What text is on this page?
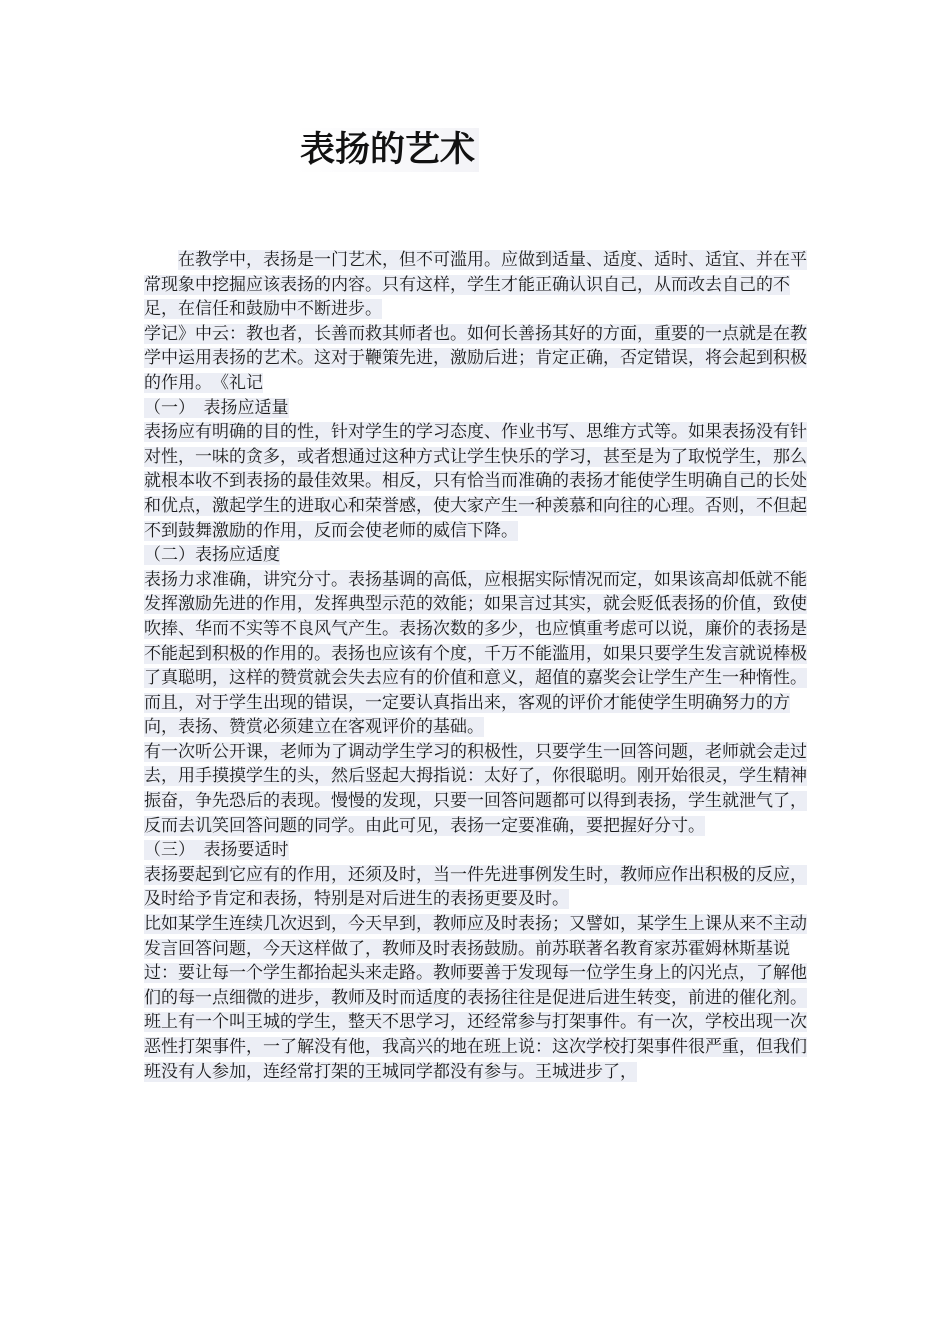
表扬的艺术

在教学中，表扬是一门艺术，但不可滥用。应做到适量、适度、适时、适宜、并在平常现象中挖掘应该表扬的内容。只有这样，学生才能正确认识自己，从而改去自己的不足，在信任和鼓励中不断进步。

学记》中云：教也者，长善而救其师者也。如何长善扬其好的方面，重要的一点就是在教学中运用表扬的艺术。这对于鞭策先进，激励后进；肯定正确，否定错误，将会起到积极的作用。　《礼记

（一）　表扬应适量

表扬应有明确的目的性，针对学生的学习态度、作业书写、思维方式等。如果表扬没有针对性，一味的贪多，或者想通过这种方式让学生快乐的学习，甚至是为了取悦学生，那么就根本收不到表扬的最佳效果。相反，只有恰当而准确的表扬才能使学生明确自己的长处和优点，激起学生的进取心和荣誉感，使大家产生一种羡慕和向往的心理。否则，不但起不到鼓舞激励的作用，反而会使老师的威信下降。

（二）表扬应适度

表扬力求准确，讲究分寸。表扬基调的高低，应根据实际情况而定，如果该高却低就不能发挥激励先进的作用，发挥典型示范的效能；如果言过其实，就会贬低表扬的价值，致使吹捧、华而不实等不良风气产生。表扬次数的多少，也应慎重考虑可以说，廉价的表扬是不能起到积极的作用的。表扬也应该有个度，千万不能滥用，如果只要学生发言就说棒极了真聪明，这样的赞赏就会失去应有的价值和意义，超值的嘉奖会让学生产生一种惰性。而且，对于学生出现的错误，一定要认真指出来，客观的评价才能使学生明确努力的方向，表扬、赞赏必须建立在客观评价的基础。

有一次听公开课，老师为了调动学生学习的积极性，只要学生一回答问题，老师就会走过去，用手摸摸学生的头，然后竖起大拇指说：太好了，你很聪明。刚开始很灵，学生精神振奋，争先恐后的表现。慢慢的发现，只要一回答问题都可以得到表扬，学生就泄气了，反而去讥笑回答问题的同学。由此可见，表扬一定要准确，要把握好分寸。

（三）　表扬要适时

表扬要起到它应有的作用，还须及时，当一件先进事例发生时，教师应作出积极的反应，及时给予肯定和表扬，特别是对后进生的表扬更要及时。

比如某学生连续几次迟到，今天早到，教师应及时表扬；又譬如，某学生上课从来不主动发言回答问题，今天这样做了，教师及时表扬鼓励。前苏联著名教育家苏霍姆林斯基说过：要让每一个学生都抬起头来走路。教师要善于发现每一位学生身上的闪光点，了解他们的每一点细微的进步，教师及时而适度的表扬往往是促进后进生转变，前进的催化剂。

班上有一个叫王城的学生，整天不思学习，还经常参与打架事件。有一次，学校出现一次恶性打架事件，一了解没有他，我高兴的地在班上说：这次学校打架事件很严重，但我们班没有人参加，连经常打架的王城同学都没有参与。王城进步了，
